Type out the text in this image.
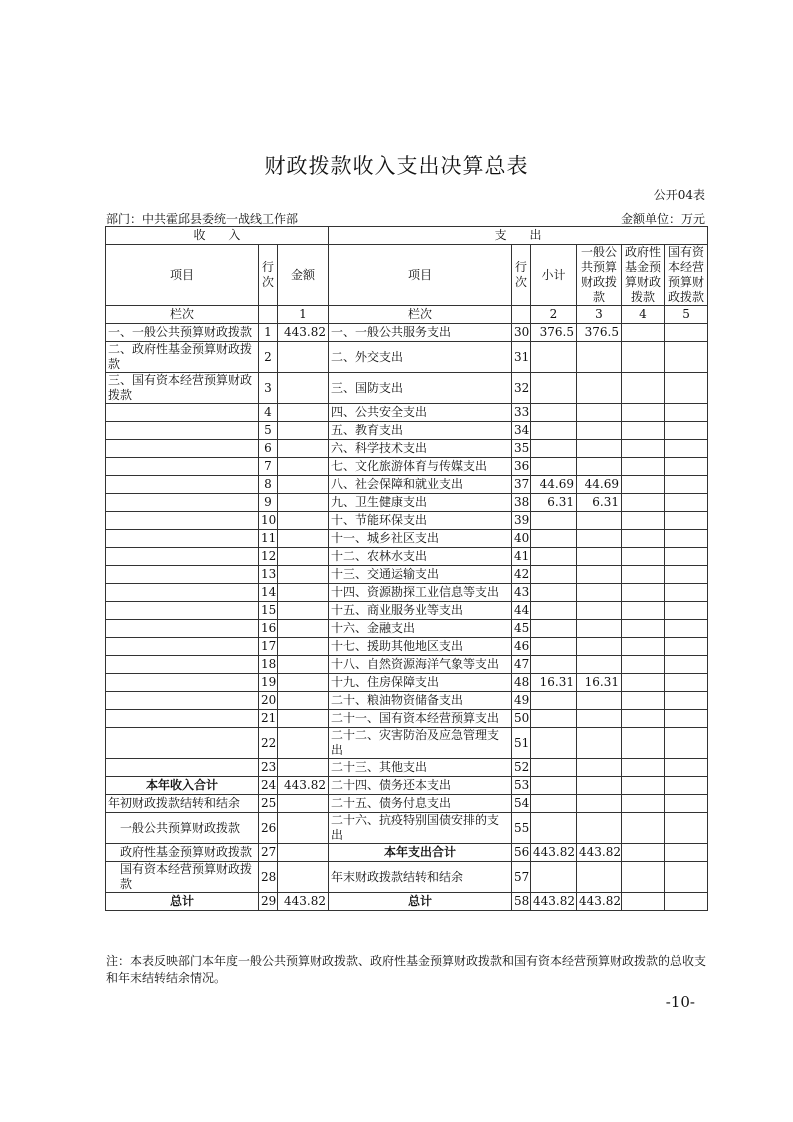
财政拨款收入支出决算总表
公开04表
部门：中共霍邱县委统一战线工作部	金额单位：万元
收      入			支      出					
项目	行次	金额	项目	行次	小计	一般公共预算财政拨款	政府性基金预算财政拨款	国有资本经营预算财政拨款
栏次		1	栏次		2	3	4	5
一、一般公共预算财政拨款	1	443.82	一、一般公共服务支出	30	376.5	376.5		
二、政府性基金预算财政拨款	2		二、外交支出	31				
三、国有资本经营预算财政拨款	3		三、国防支出	32				
	4		四、公共安全支出	33				
	5		五、教育支出	34				
	6		六、科学技术支出	35				
	7		七、文化旅游体育与传媒支出	36				
	8		八、社会保障和就业支出	37	44.69	44.69		
	9		九、卫生健康支出	38	6.31	6.31		
	10		十、节能环保支出	39				
	11		十一、城乡社区支出	40				
	12		十二、农林水支出	41				
	13		十三、交通运输支出	42				
	14		十四、资源勘探工业信息等支出	43				
	15		十五、商业服务业等支出	44				
	16		十六、金融支出	45				
	17		十七、援助其他地区支出	46				
	18		十八、自然资源海洋气象等支出	47				
	19		十九、住房保障支出	48	16.31	16.31		
	20		二十、粮油物资储备支出	49				
	21		二十一、国有资本经营预算支出	50				
	22		二十二、灾害防治及应急管理支出	51				
	23		二十三、其他支出	52				
本年收入合计	24	443.82	二十四、债务还本支出	53				
年初财政拨款结转和结余	25		二十五、债务付息支出	54				
一般公共预算财政拨款	26		二十六、抗疫特别国债安排的支出	55				
政府性基金预算财政拨款	27		本年支出合计	56	443.82	443.82		
国有资本经营预算财政拨款	28		年末财政拨款结转和结余	57				
总计	29	443.82	总计	58	443.82	443.82		
注：本表反映部门本年度一般公共预算财政拨款、政府性基金预算财政拨款和国有资本经营预算财政拨款的总收支和年末结转结余情况。
-10-
